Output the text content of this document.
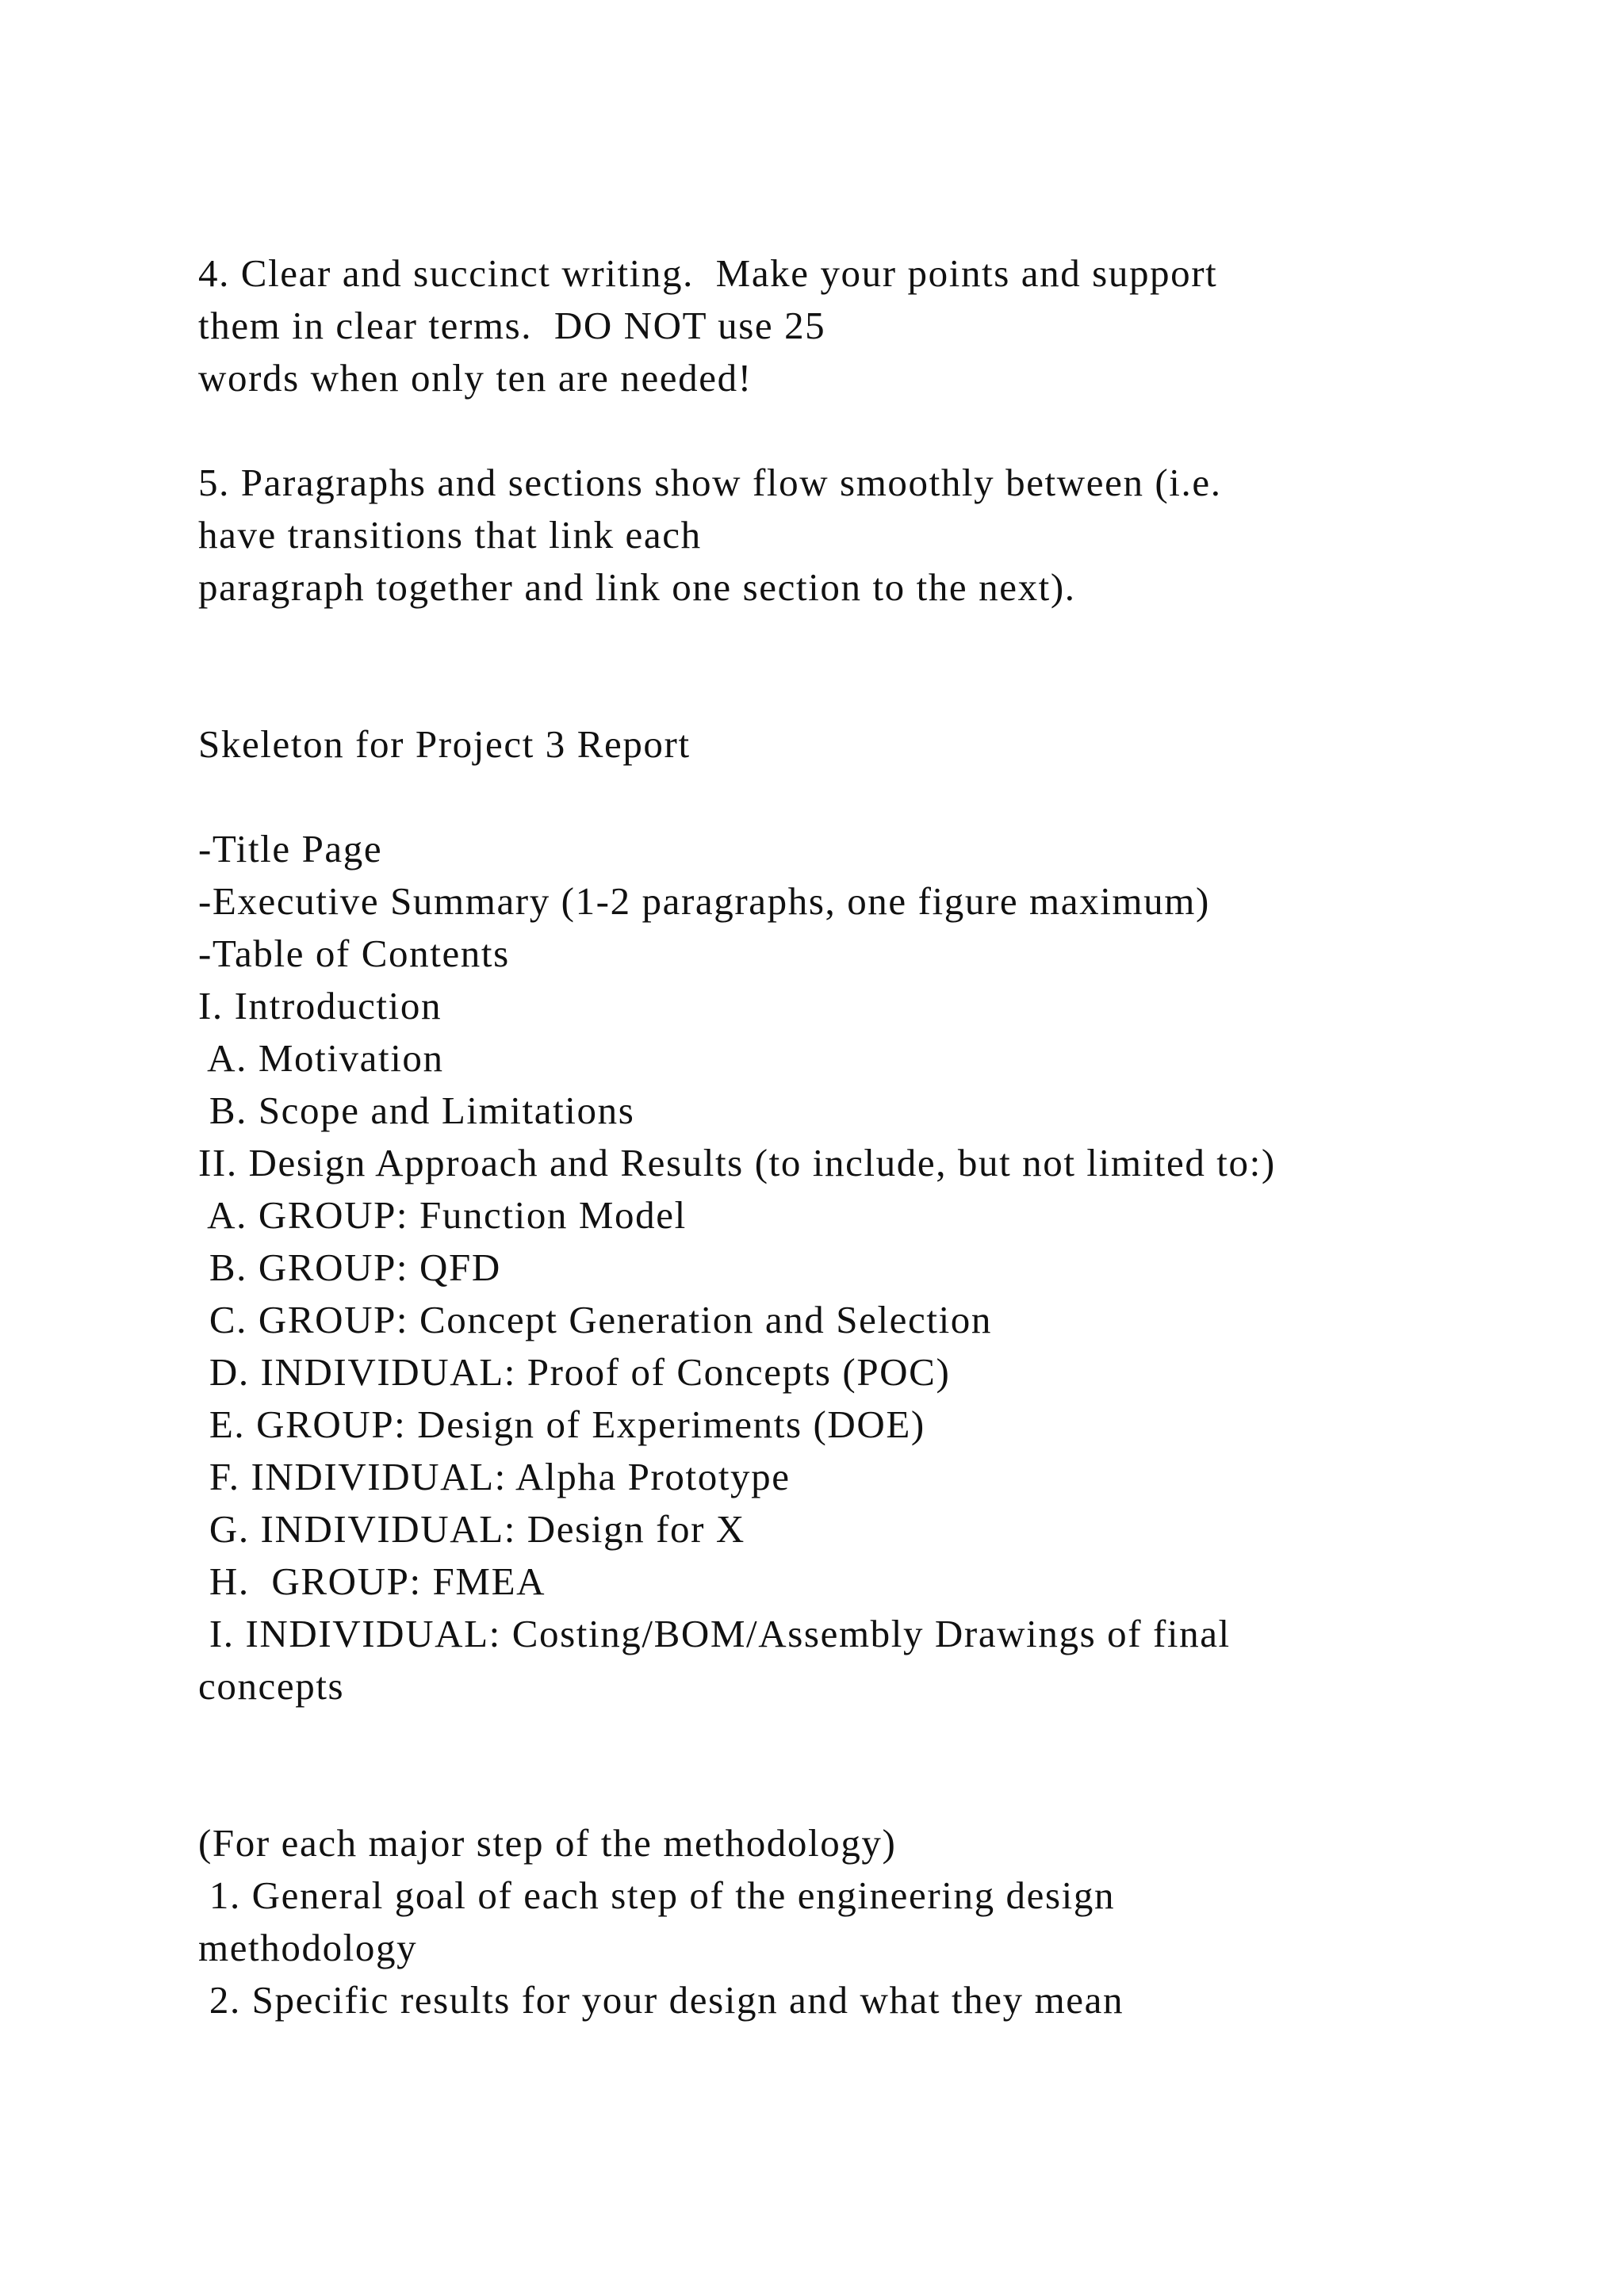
4. Clear and succinct writing.  Make your points and support
them in clear terms.  DO NOT use 25
words when only ten are needed!
5. Paragraphs and sections show flow smoothly between (i.e.
have transitions that link each
paragraph together and link one section to the next).
Skeleton for Project 3 Report
-Title Page
-Executive Summary (1-2 paragraphs, one figure maximum)
-Table of Contents
I. Introduction
A. Motivation
B. Scope and Limitations
II. Design Approach and Results (to include, but not limited to:)
A. GROUP: Function Model
B. GROUP: QFD
C. GROUP: Concept Generation and Selection
D. INDIVIDUAL: Proof of Concepts (POC)
E. GROUP: Design of Experiments (DOE)
F. INDIVIDUAL: Alpha Prototype
G. INDIVIDUAL: Design for X
H.  GROUP: FMEA
I. INDIVIDUAL: Costing/BOM/Assembly Drawings of final
concepts
(For each major step of the methodology)
1. General goal of each step of the engineering design
methodology
2. Specific results for your design and what they mean
